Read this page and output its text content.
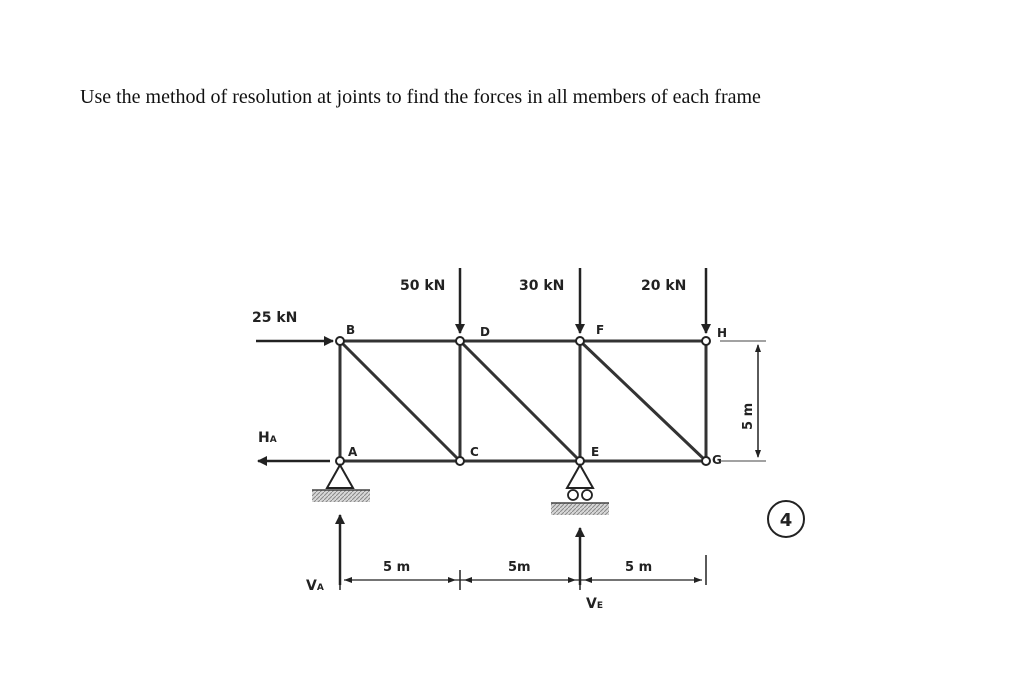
Use the method of resolution at joints to find the forces in all members of each frame
25 kN
50 kN	30 kN	20 kN
HA
VA
VE
B	D	F	H
A	C	E
G
5 m
5 m	5m	5 m
4
